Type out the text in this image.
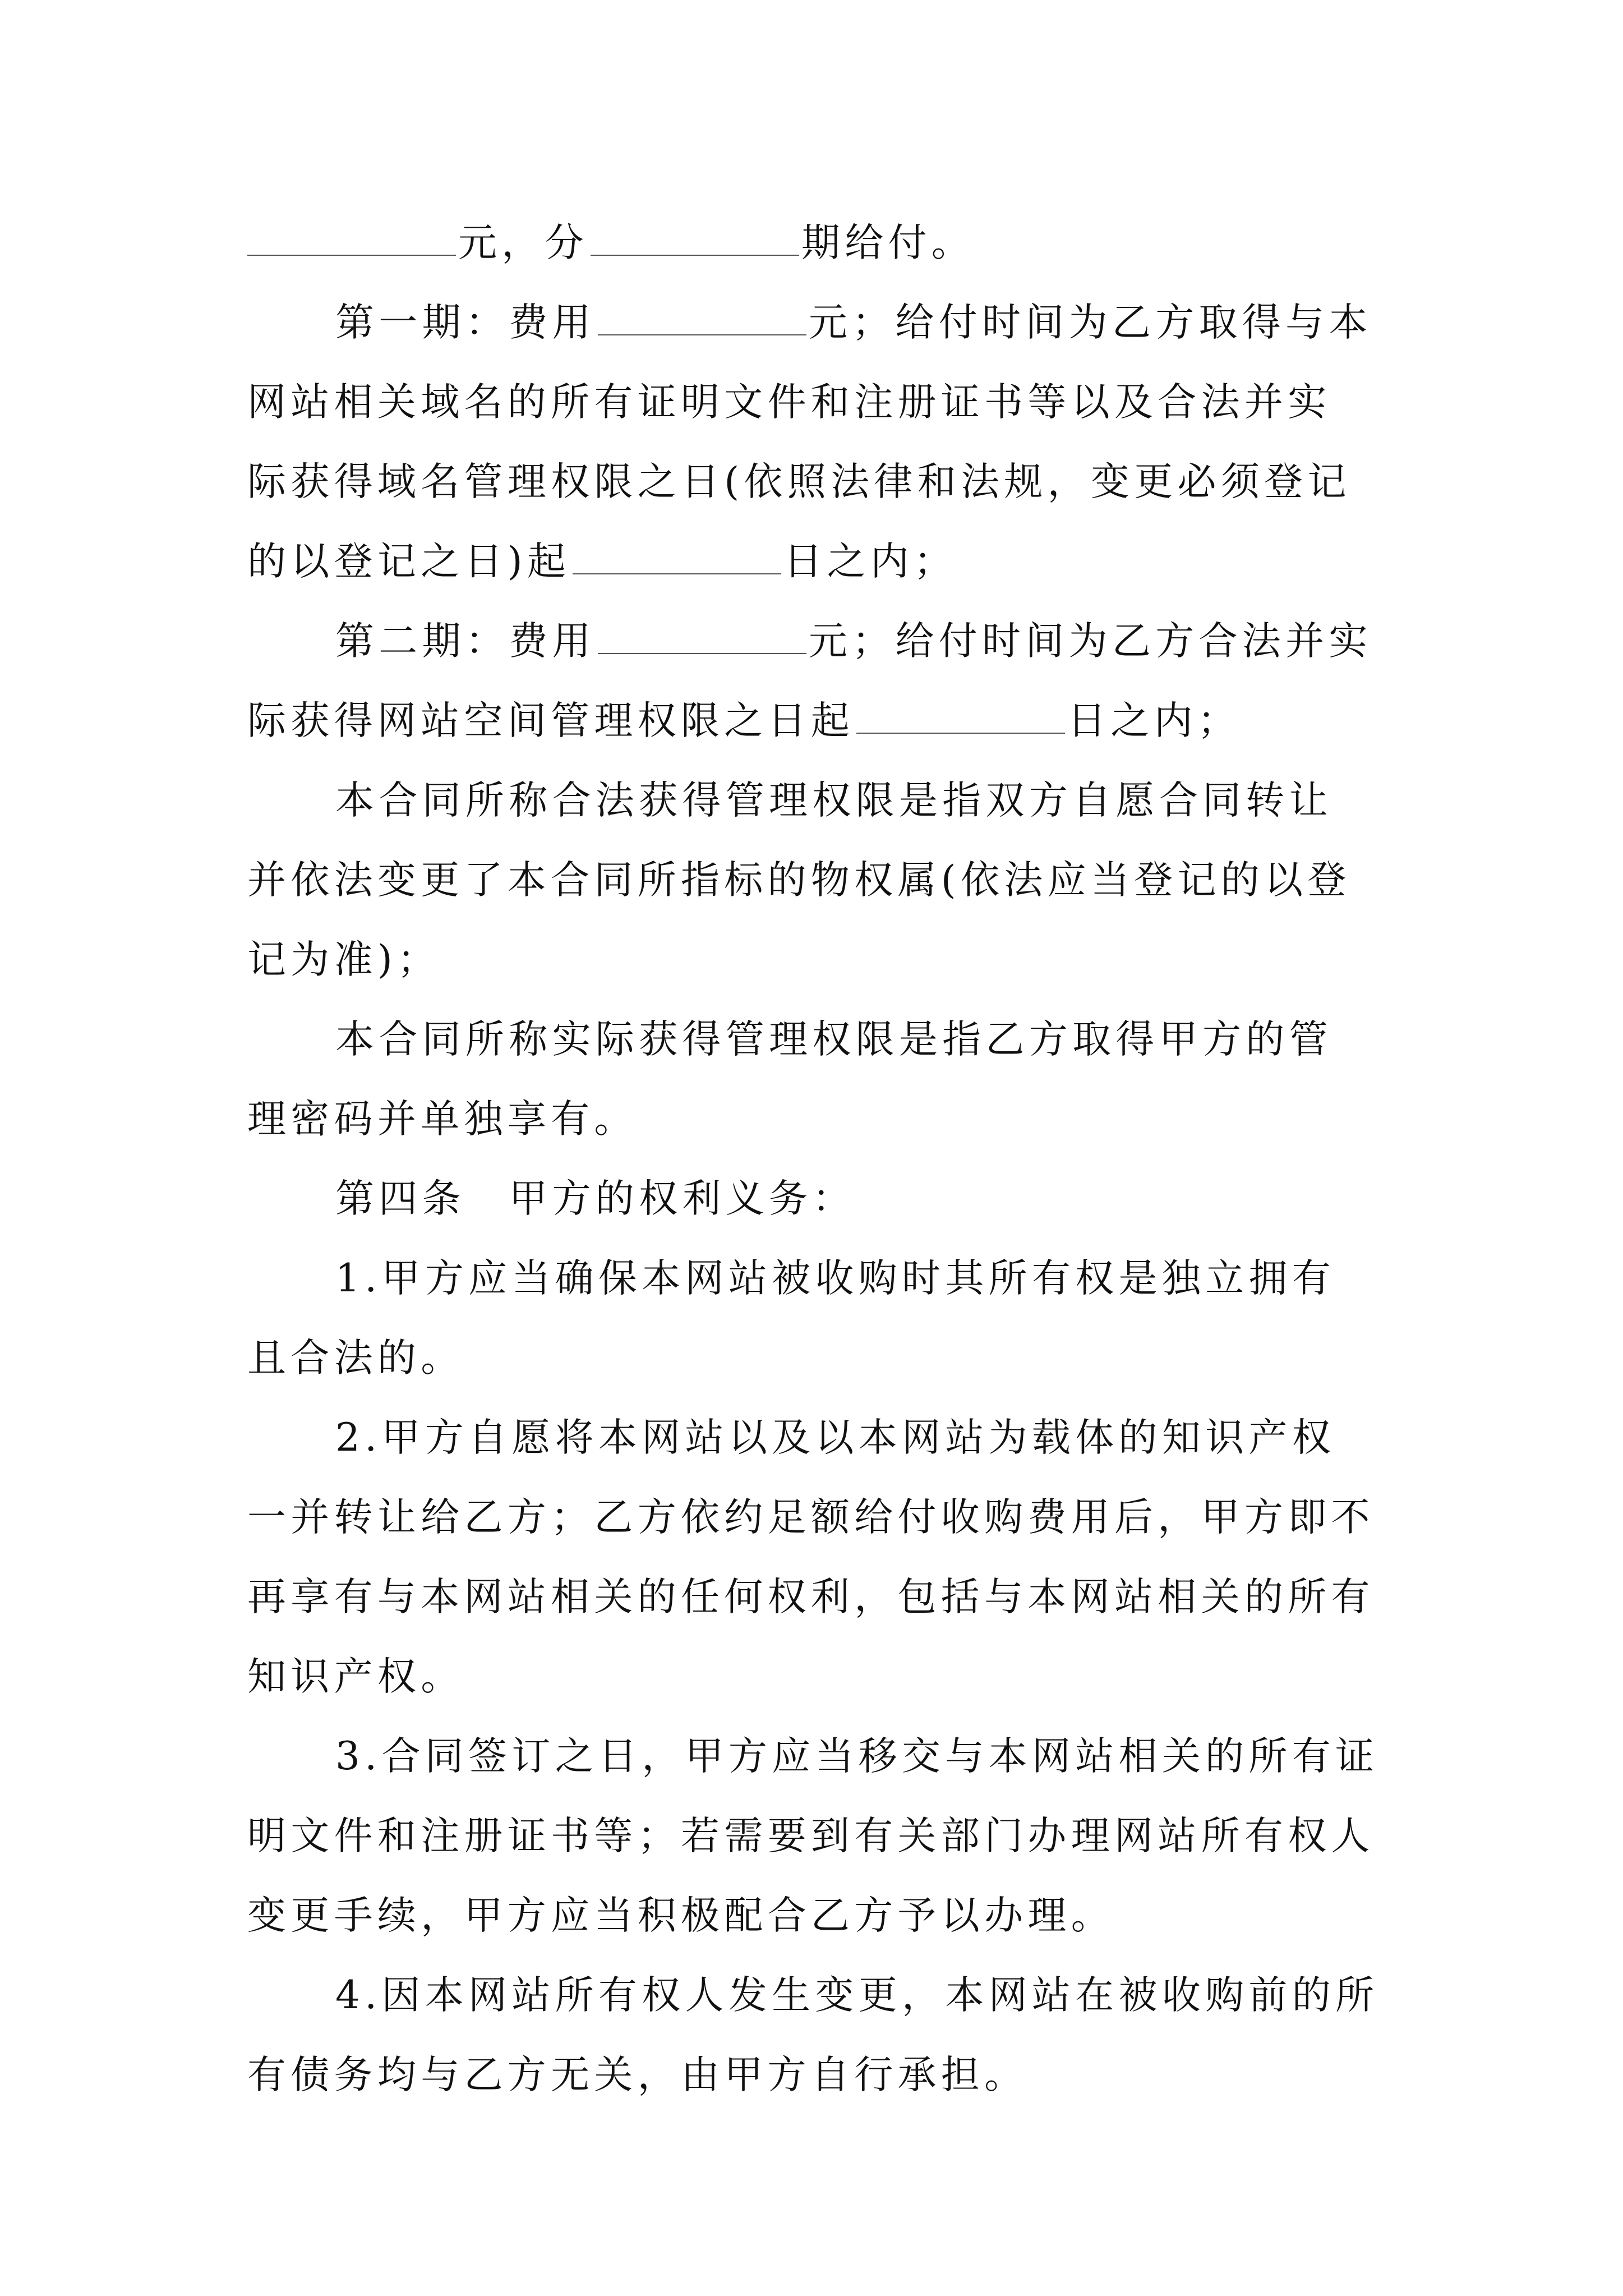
元，分	期给付。
第一期：费用	元；给付时间为乙方取得与本
网站相关域名的所有证明文件和注册证书等以及合法并实
际获得域名管理权限之日(依照法律和法规，变更必须登记
的以登记之日)起	日之内；
第二期：费用	元；给付时间为乙方合法并实
际获得网站空间管理权限之日起	日之内；
本合同所称合法获得管理权限是指双方自愿合同转让
并依法变更了本合同所指标的物权属(依法应当登记的以登
记为准)；
本合同所称实际获得管理权限是指乙方取得甲方的管
理密码并单独享有。
第四条　甲方的权利义务：
1.甲方应当确保本网站被收购时其所有权是独立拥有
且合法的。
2.甲方自愿将本网站以及以本网站为载体的知识产权
一并转让给乙方；乙方依约足额给付收购费用后，甲方即不
再享有与本网站相关的任何权利，包括与本网站相关的所有
知识产权。
3.合同签订之日，甲方应当移交与本网站相关的所有证
明文件和注册证书等；若需要到有关部门办理网站所有权人
变更手续，甲方应当积极配合乙方予以办理。
4.因本网站所有权人发生变更，本网站在被收购前的所
有债务均与乙方无关，由甲方自行承担。
